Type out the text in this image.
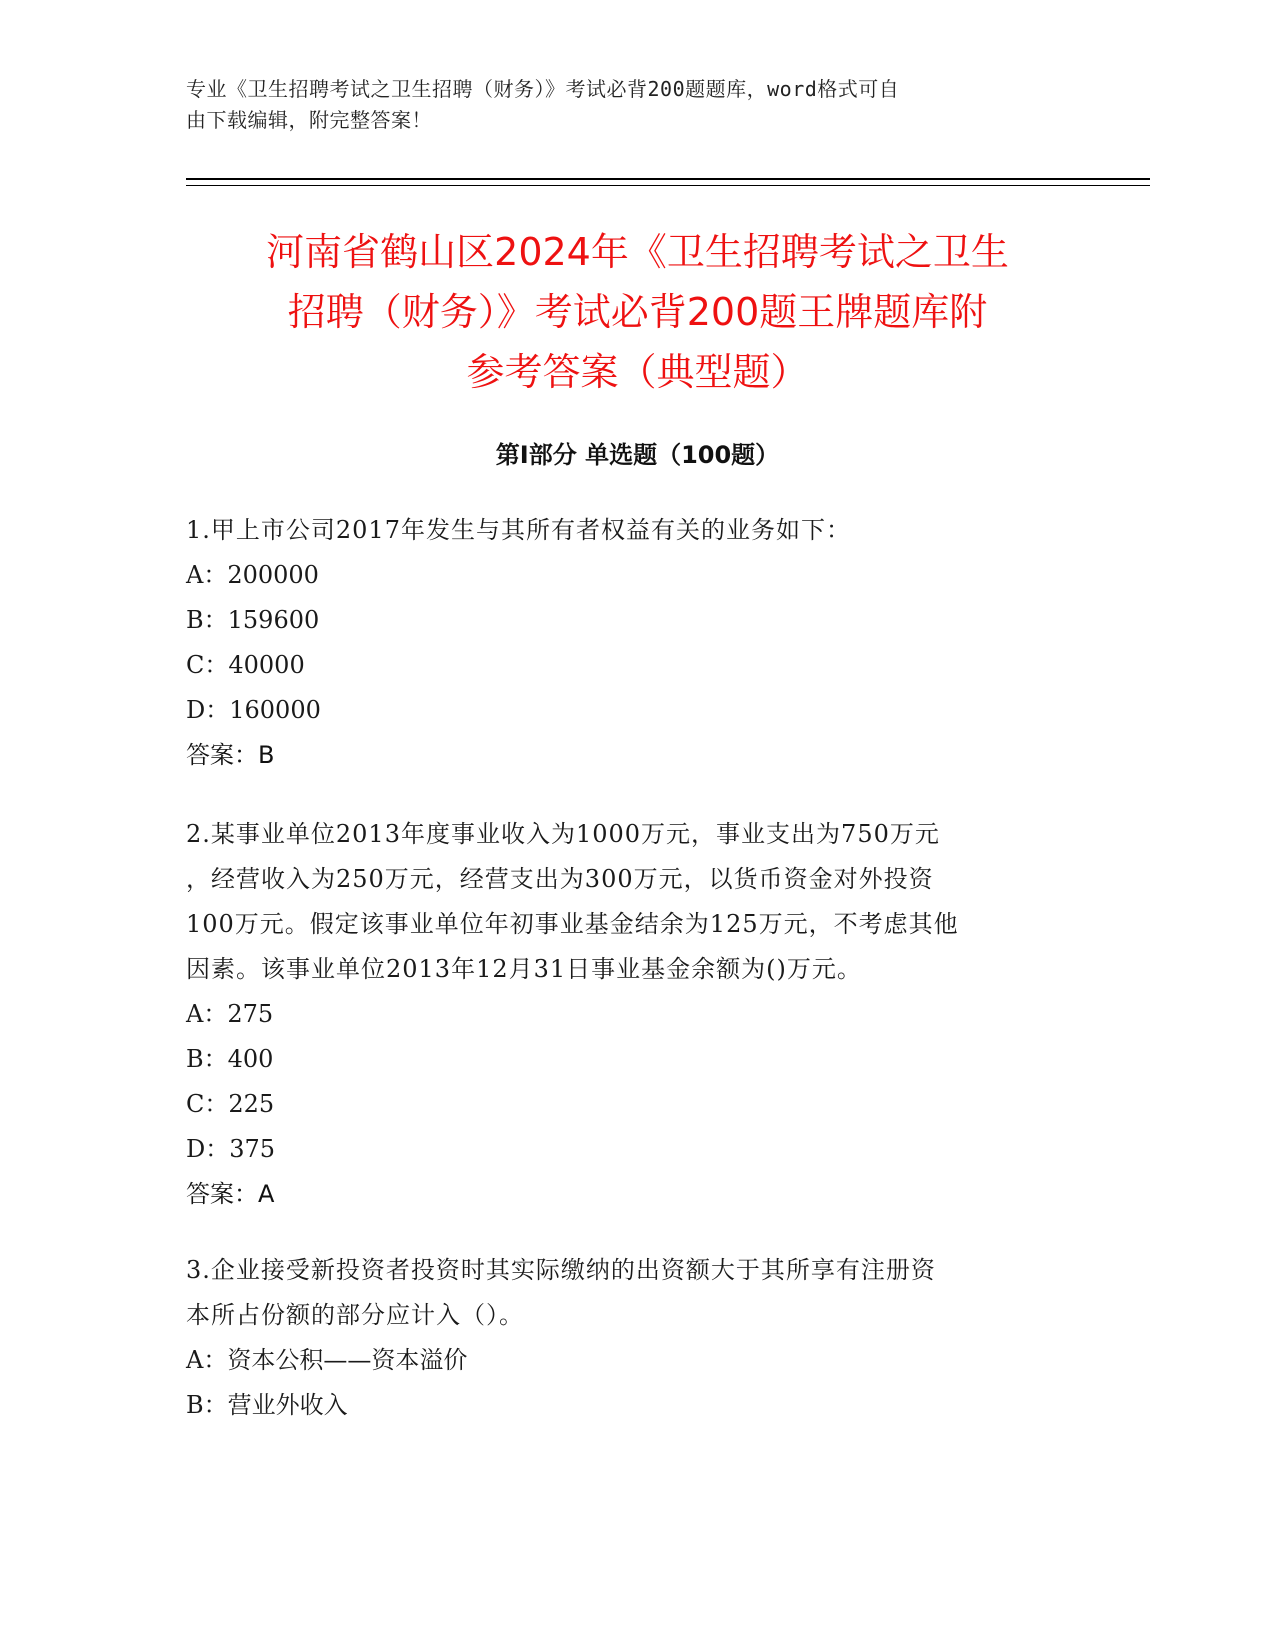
专业《卫生招聘考试之卫生招聘（财务）》考试必背200题题库，word格式可自
由下载编辑，附完整答案！
河南省鹤山区2024年《卫生招聘考试之卫生
招聘（财务）》考试必背200题王牌题库附
参考答案（典型题）
第Ⅰ部分 单选题（100题）

1.甲上市公司2017年发生与其所有者权益有关的业务如下：

A：200000

B：159600

C：40000

D：160000

答案：B

2.某事业单位2013年度事业收入为1000万元，事业支出为750万元

，经营收入为250万元，经营支出为300万元，以货币资金对外投资

100万元。假定该事业单位年初事业基金结余为125万元，不考虑其他

因素。该事业单位2013年12月31日事业基金余额为()万元。

A：275

B：400

C：225

D：375

答案：A

3.企业接受新投资者投资时其实际缴纳的出资额大于其所享有注册资

本所占份额的部分应计入（）。

A：资本公积——资本溢价

B：营业外收入
